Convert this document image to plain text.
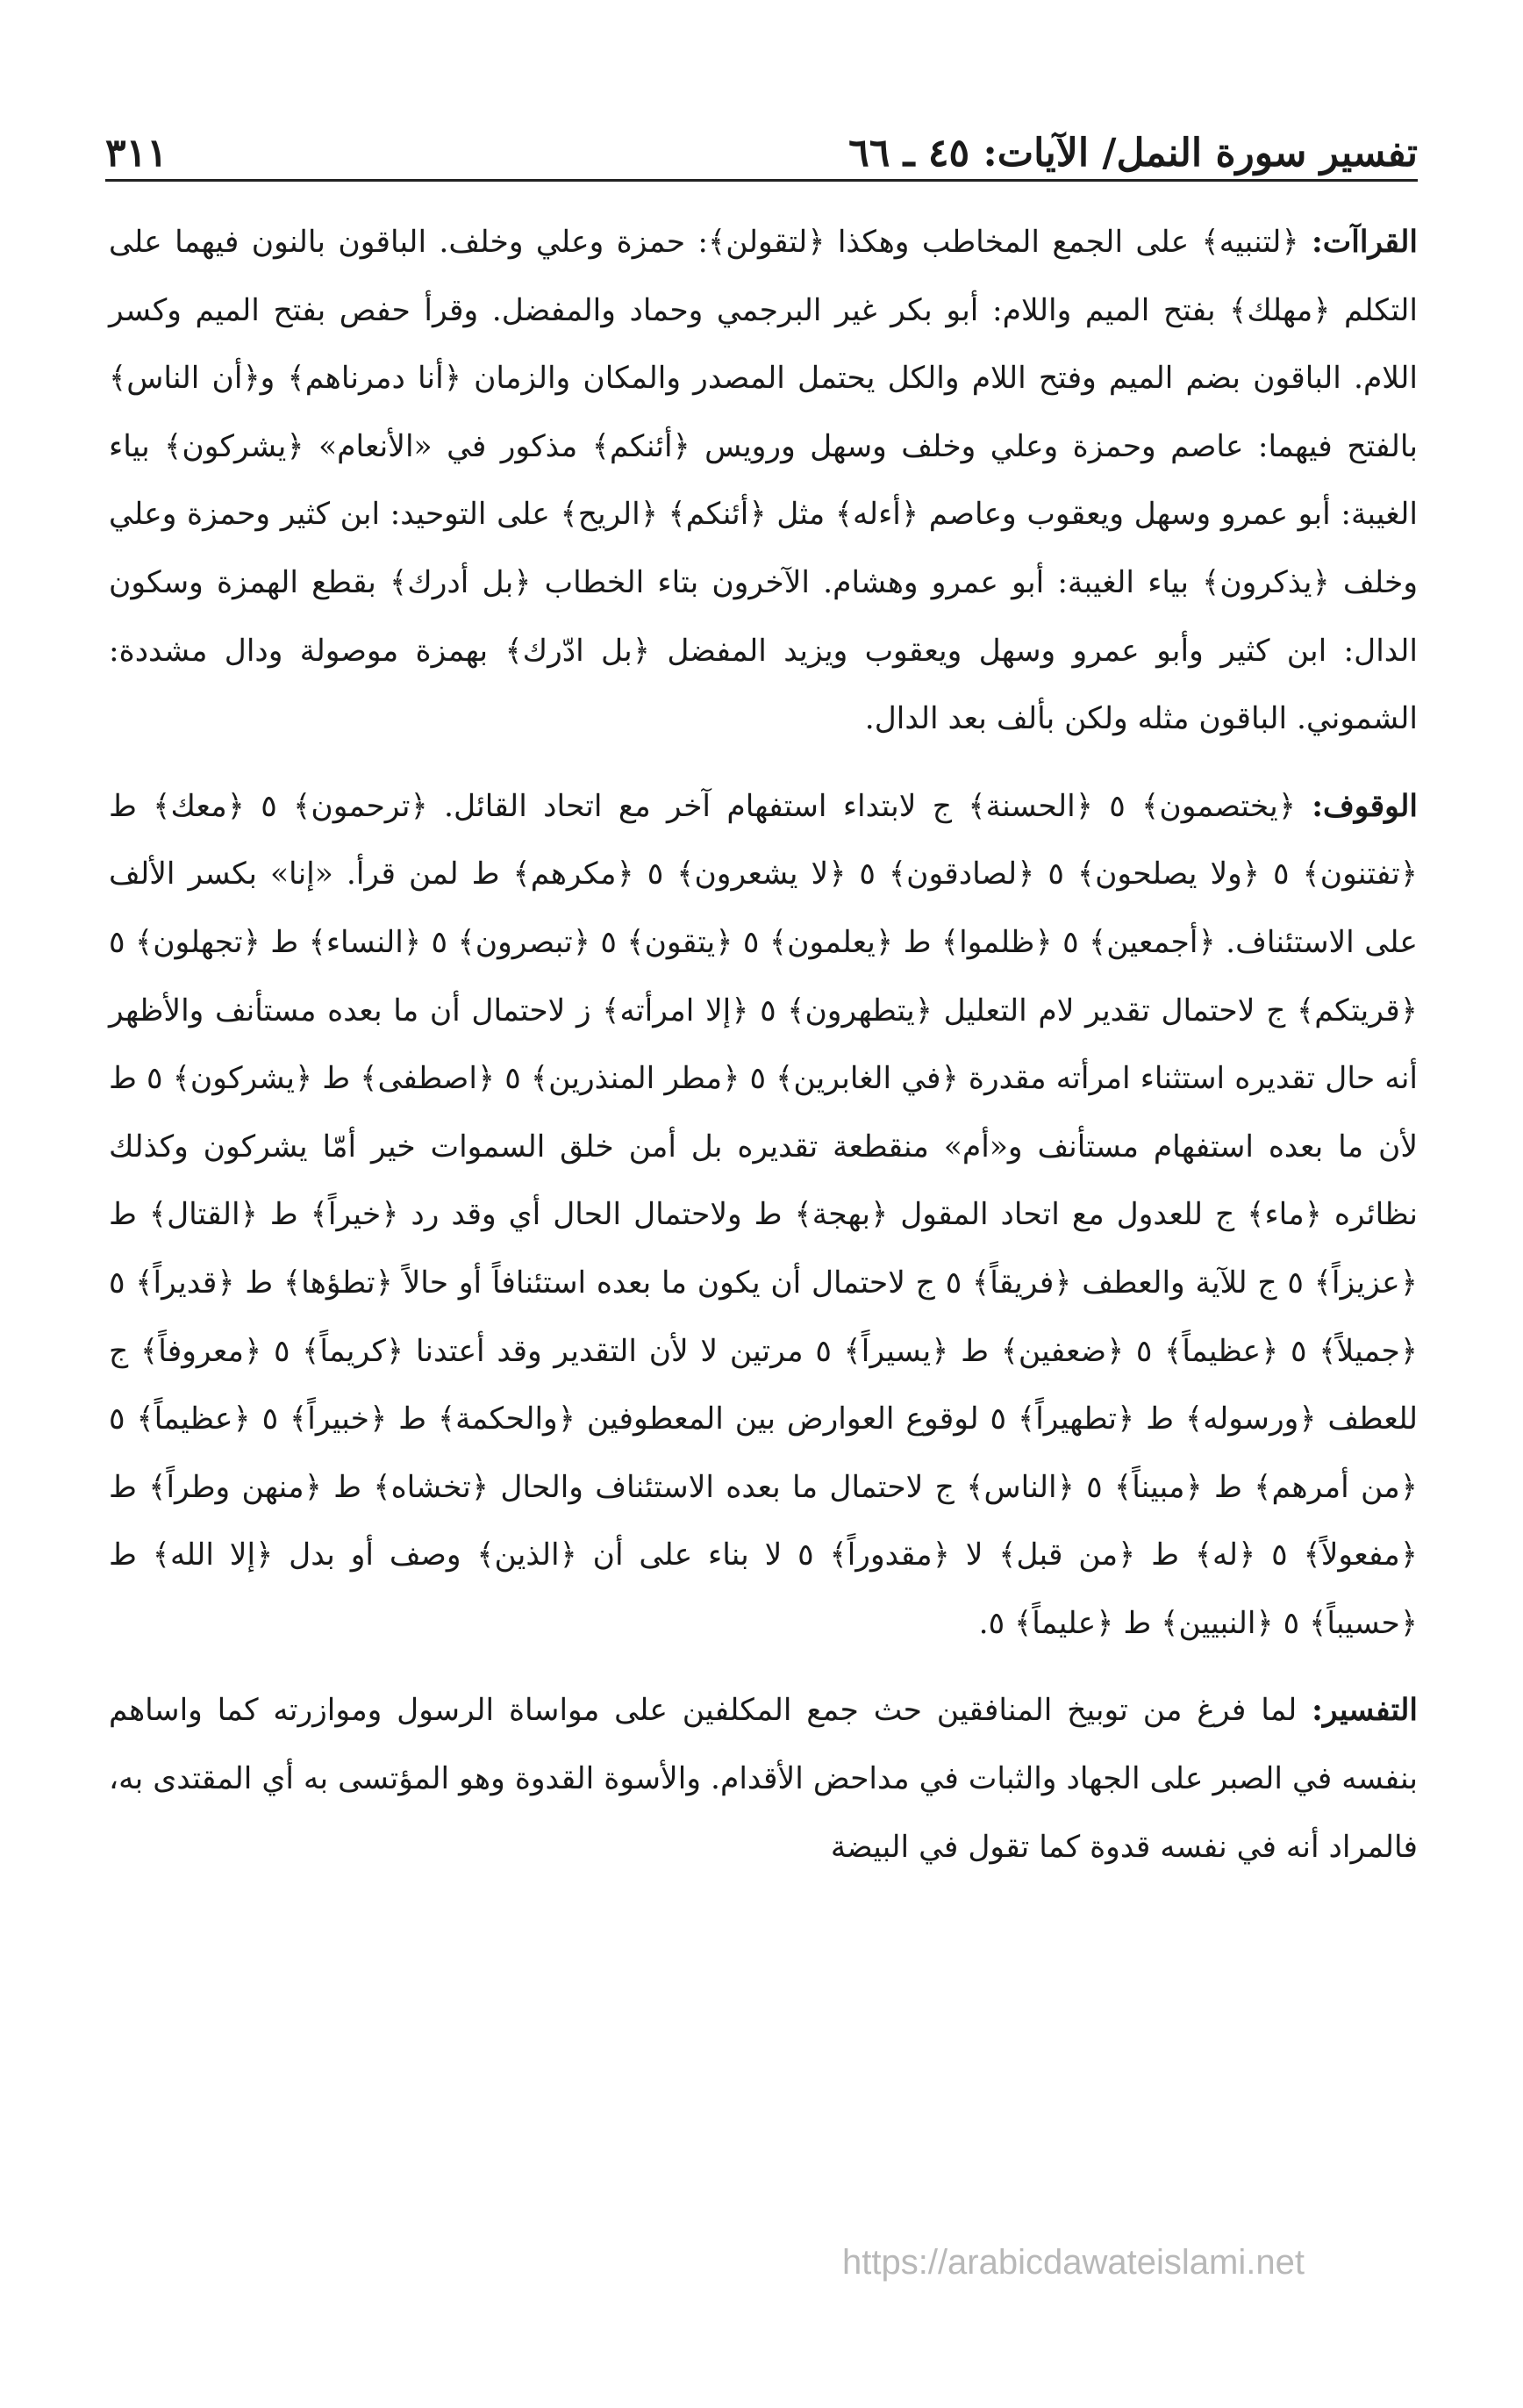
تفسير سورة النمل/ الآيات: ٤٥ ـ ٦٦
٣١١

القراآت: ﴿لتنبيه﴾ على الجمع المخاطب وهكذا ﴿لتقولن﴾: حمزة وعلي وخلف. الباقون بالنون فيهما على التكلم ﴿مهلك﴾ بفتح الميم واللام: أبو بكر غير البرجمي وحماد والمفضل. وقرأ حفص بفتح الميم وكسر اللام. الباقون بضم الميم وفتح اللام والكل يحتمل المصدر والمكان والزمان ﴿أنا دمرناهم﴾ و﴿أن الناس﴾ بالفتح فيهما: عاصم وحمزة وعلي وخلف وسهل ورويس ﴿أئنكم﴾ مذكور في «الأنعام» ﴿يشركون﴾ بياء الغيبة: أبو عمرو وسهل ويعقوب وعاصم ﴿أءله﴾ مثل ﴿أئنكم﴾ ﴿الريح﴾ على التوحيد: ابن كثير وحمزة وعلي وخلف ﴿يذكرون﴾ بياء الغيبة: أبو عمرو وهشام. الآخرون بتاء الخطاب ﴿بل أدرك﴾ بقطع الهمزة وسكون الدال: ابن كثير وأبو عمرو وسهل ويعقوب ويزيد المفضل ﴿بل ادّرك﴾ بهمزة موصولة ودال مشددة: الشموني. الباقون مثله ولكن بألف بعد الدال.

الوقوف: ﴿يختصمون﴾ ٥ ﴿الحسنة﴾ ج لابتداء استفهام آخر مع اتحاد القائل. ﴿ترحمون﴾ ٥ ﴿معك﴾ ط ﴿تفتنون﴾ ٥ ﴿ولا يصلحون﴾ ٥ ﴿لصادقون﴾ ٥ ﴿لا يشعرون﴾ ٥ ﴿مكرهم﴾ ط لمن قرأ. «إنا» بكسر الألف على الاستئناف. ﴿أجمعين﴾ ٥ ﴿ظلموا﴾ ط ﴿يعلمون﴾ ٥ ﴿يتقون﴾ ٥ ﴿تبصرون﴾ ٥ ﴿النساء﴾ ط ﴿تجهلون﴾ ٥ ﴿قريتكم﴾ ج لاحتمال تقدير لام التعليل ﴿يتطهرون﴾ ٥ ﴿إلا امرأته﴾ ز لاحتمال أن ما بعده مستأنف والأظهر أنه حال تقديره استثناء امرأته مقدرة ﴿في الغابرين﴾ ٥ ﴿مطر المنذرين﴾ ٥ ﴿اصطفى﴾ ط ﴿يشركون﴾ ٥ ط لأن ما بعده استفهام مستأنف و«أم» منقطعة تقديره بل أمن خلق السموات خير أمّا يشركون وكذلك نظائره ﴿ماء﴾ ج للعدول مع اتحاد المقول ﴿بهجة﴾ ط ولاحتمال الحال أي وقد رد ﴿خيراً﴾ ط ﴿القتال﴾ ط ﴿عزيزاً﴾ ٥ ج للآية والعطف ﴿فريقاً﴾ ٥ ج لاحتمال أن يكون ما بعده استئنافاً أو حالاً ﴿تطؤها﴾ ط ﴿قديراً﴾ ٥ ﴿جميلاً﴾ ٥ ﴿عظيماً﴾ ٥ ﴿ضعفين﴾ ط ﴿يسيراً﴾ ٥ مرتين لا لأن التقدير وقد أعتدنا ﴿كريماً﴾ ٥ ﴿معروفاً﴾ ج للعطف ﴿ورسوله﴾ ط ﴿تطهيراً﴾ ٥ لوقوع العوارض بين المعطوفين ﴿والحكمة﴾ ط ﴿خبيراً﴾ ٥ ﴿عظيماً﴾ ٥ ﴿من أمرهم﴾ ط ﴿مبيناً﴾ ٥ ﴿الناس﴾ ج لاحتمال ما بعده الاستئناف والحال ﴿تخشاه﴾ ط ﴿منهن وطراً﴾ ط ﴿مفعولاً﴾ ٥ ﴿له﴾ ط ﴿من قبل﴾ لا ﴿مقدوراً﴾ ٥ لا بناء على أن ﴿الذين﴾ وصف أو بدل ﴿إلا الله﴾ ط ﴿حسيباً﴾ ٥ ﴿النبيين﴾ ط ﴿عليماً﴾ ٥.

التفسير: لما فرغ من توبيخ المنافقين حث جمع المكلفين على مواساة الرسول وموازرته كما واساهم بنفسه في الصبر على الجهاد والثبات في مداحض الأقدام. والأسوة القدوة وهو المؤتسى به أي المقتدى به، فالمراد أنه في نفسه قدوة كما تقول في البيضة

https://arabicdawateislami.net
